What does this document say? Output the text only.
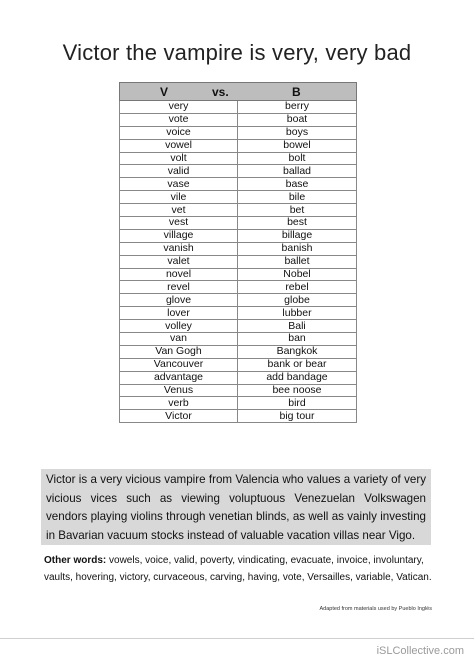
Victor the vampire is very, very bad
V vs. B	

very	berry
vote	boat
voice	boys
vowel	bowel
volt	bolt
valid	ballad
vase	base
vile	bile
vet	bet
vest	best
village	billage
vanish	banish
valet	ballet
novel	Nobel
revel	rebel
glove	globe
lover	lubber
volley	Bali
van	ban
Van Gogh	Bangkok
Vancouver	bank or bear
advantage	add bandage
Venus	bee noose
verb	bird
Victor	big tour
Victor is a very vicious vampire from Valencia who values a variety of very vicious vices such as viewing voluptuous Venezuelan Volkswagen vendors playing violins through venetian blinds, as well as vainly investing in Bavarian vacuum stocks instead of valuable vacation villas near Vigo.
Other words: vowels, voice, valid, poverty, vindicating, evacuate, invoice, involuntary, vaults, hovering, victory, curvaceous, carving, having, vote, Versailles, variable, Vatican.
Adapted from materials used by Pueblo Inglés
iSLCollective.com
